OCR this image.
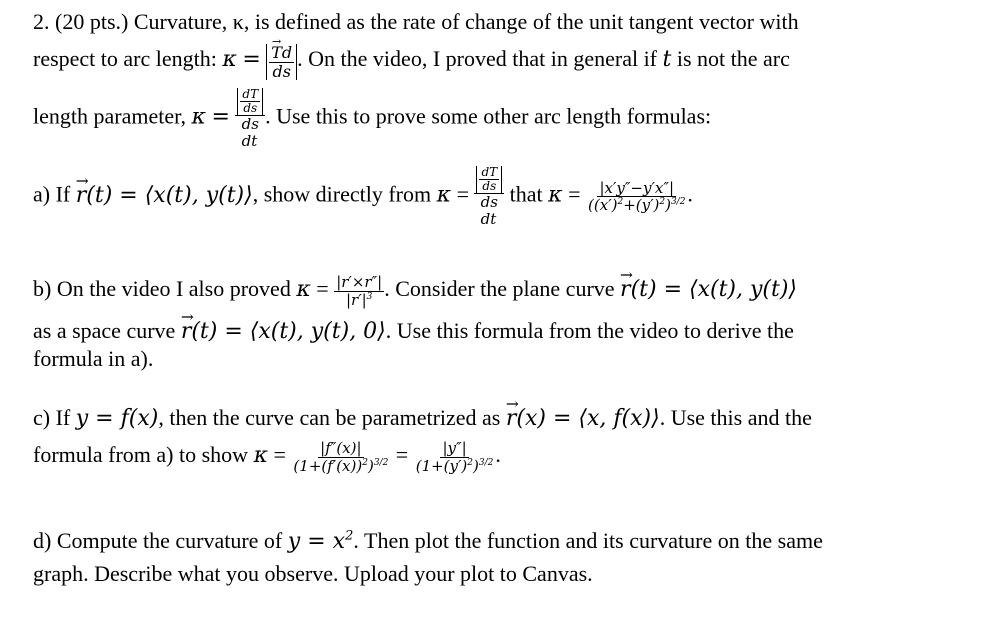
2. (20 pts.) Curvature, κ, is defined as the rate of change of the unit tangent vector with
respect to arc length: κ =
→ $\frac{Td}{ds}$ . On the video, I proved that in general if t is not the arc
length parameter, κ =
$\frac{dT}{ds}$
ds
dt
. Use this to prove some other arc length formulas:
a) If → r(t) = ⟨x(t), y(t)⟩, show directly from κ =
$\frac{dT}{ds}$
ds
dt
that $\kappa = \frac{|x'y''-y'x''|}{((x')^2+(y')^2)^{3/2}}$ .
b) On the video I also proved $\kappa = \frac{|r'\times r''|}{|r'|^3}$ . Consider the plane curve → r(t) = ⟨x(t), y(t)⟩
as a space curve → r(t) = ⟨x(t), y(t), 0⟩. Use this formula from the video to derive the
formula in a).
c) If y = f(x), then the curve can be parametrized as → r(x) = ⟨x, f(x)⟩. Use this and the
formula from a) to show $\kappa = \frac{|f''(x)|}{(1+(f'(x))^2)^{3/2}} = \frac{|y''|}{(1+(y')^2)^{3/2}}$ .
d) Compute the curvature of $y = x^2$. Then plot the function and its curvature on the same
graph. Describe what you observe. Upload your plot to Canvas.
